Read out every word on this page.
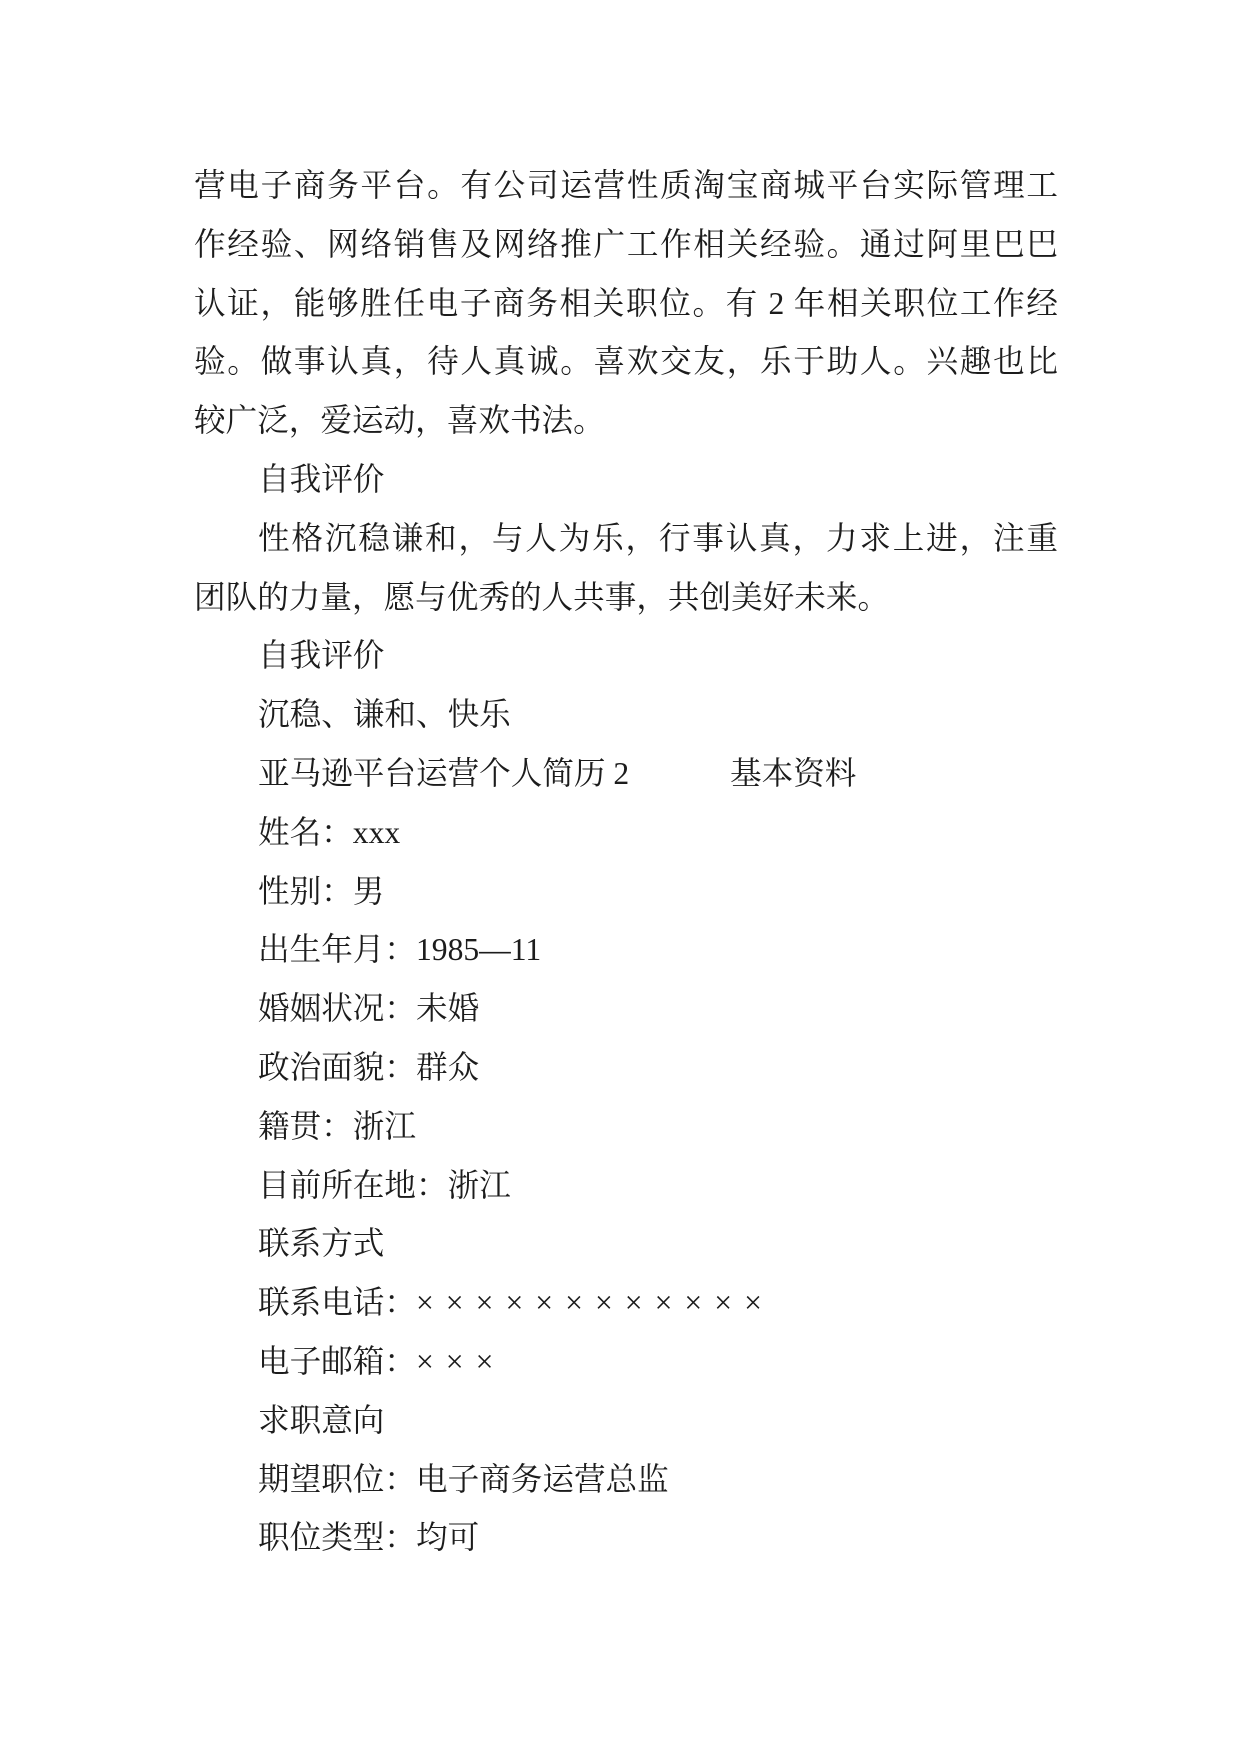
营电子商务平台。有公司运营性质淘宝商城平台实际管理工
作经验、网络销售及网络推广工作相关经验。通过阿里巴巴
认证，能够胜任电子商务相关职位。有 2 年相关职位工作经
验。做事认真，待人真诚。喜欢交友，乐于助人。兴趣也比
较广泛，爱运动，喜欢书法。
自我评价
性格沉稳谦和，与人为乐，行事认真，力求上进，注重
团队的力量，愿与优秀的人共事，共创美好未来。
自我评价
沉稳、谦和、快乐
亚马逊平台运营个人简历 2	基本资料
姓名：xxx
性别：男
出生年月：1985—11
婚姻状况：未婚
政治面貌：群众
籍贯：浙江
目前所在地：浙江
联系方式
联系电话：××××××××××××
电子邮箱：×××
求职意向
期望职位：电子商务运营总监
职位类型：均可
